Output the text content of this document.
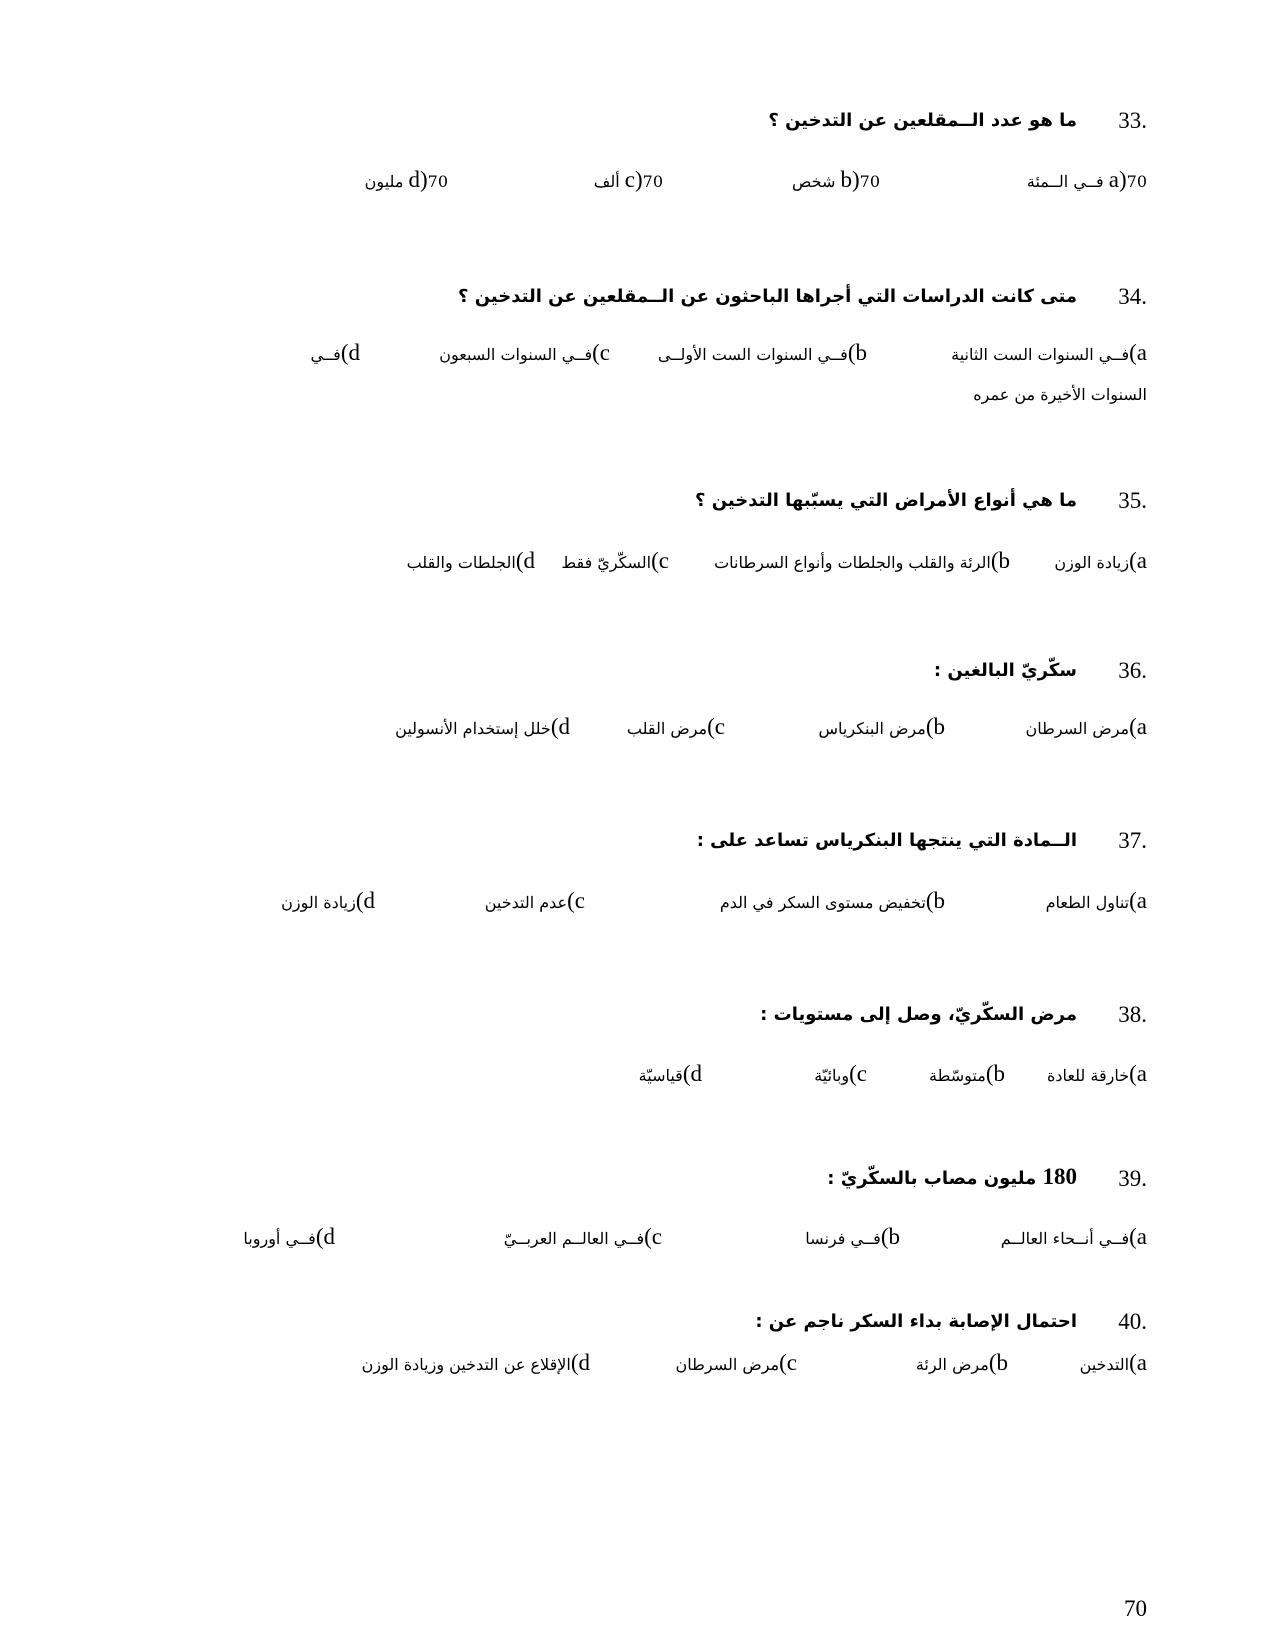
33.
ما هو عدد الــمقلعين عن التدخين ؟
a)70 فــي الــمئة
b)70 شخص
c)70 ألف
d)70 مليون
34.
متى كانت الدراسات التي أجراها الباحثون عن الــمقلعين عن التدخين ؟
a)فــي السنوات الست الثانية
b)فــي السنوات الست الأولــى
c)فــي السنوات السبعون
d)فــي
السنوات الأخيرة من عمره
35.
ما هي أنواع الأمراض التي يسبّبها التدخين ؟
a)زيادة الوزن
b)الرئة والقلب والجلطات وأنواع السرطانات
c)السكّريّ فقط
d)الجلطات والقلب
36.
سكّريّ البالغين :
a)مرض السرطان
b)مرض البنكرياس
c)مرض القلب
d)خلل إستخدام الأنسولين
37.
الــمادة التي ينتجها البنكرياس تساعد على :
a)تناول الطعام
b)تخفيض مستوى السكر في الدم
c)عدم التدخين
d)زيادة الوزن
38.
مرض السكّريّ، وصل إلى مستويات :
a)خارقة للعادة
b)متوسّطة
c)وبائيّة
d)قياسيّة
39.
180 مليون مصاب بالسكّريّ :
a)فــي أنــحاء العالــم
b)فــي فرنسا
c)فــي العالــم العربــيّ
d)فــي أوروبا
40.
احتمال الإصابة بداء السكر ناجم عن :
a)التدخين
b)مرض الرئة
c)مرض السرطان
d)الإقلاع عن التدخين وزيادة الوزن
70
